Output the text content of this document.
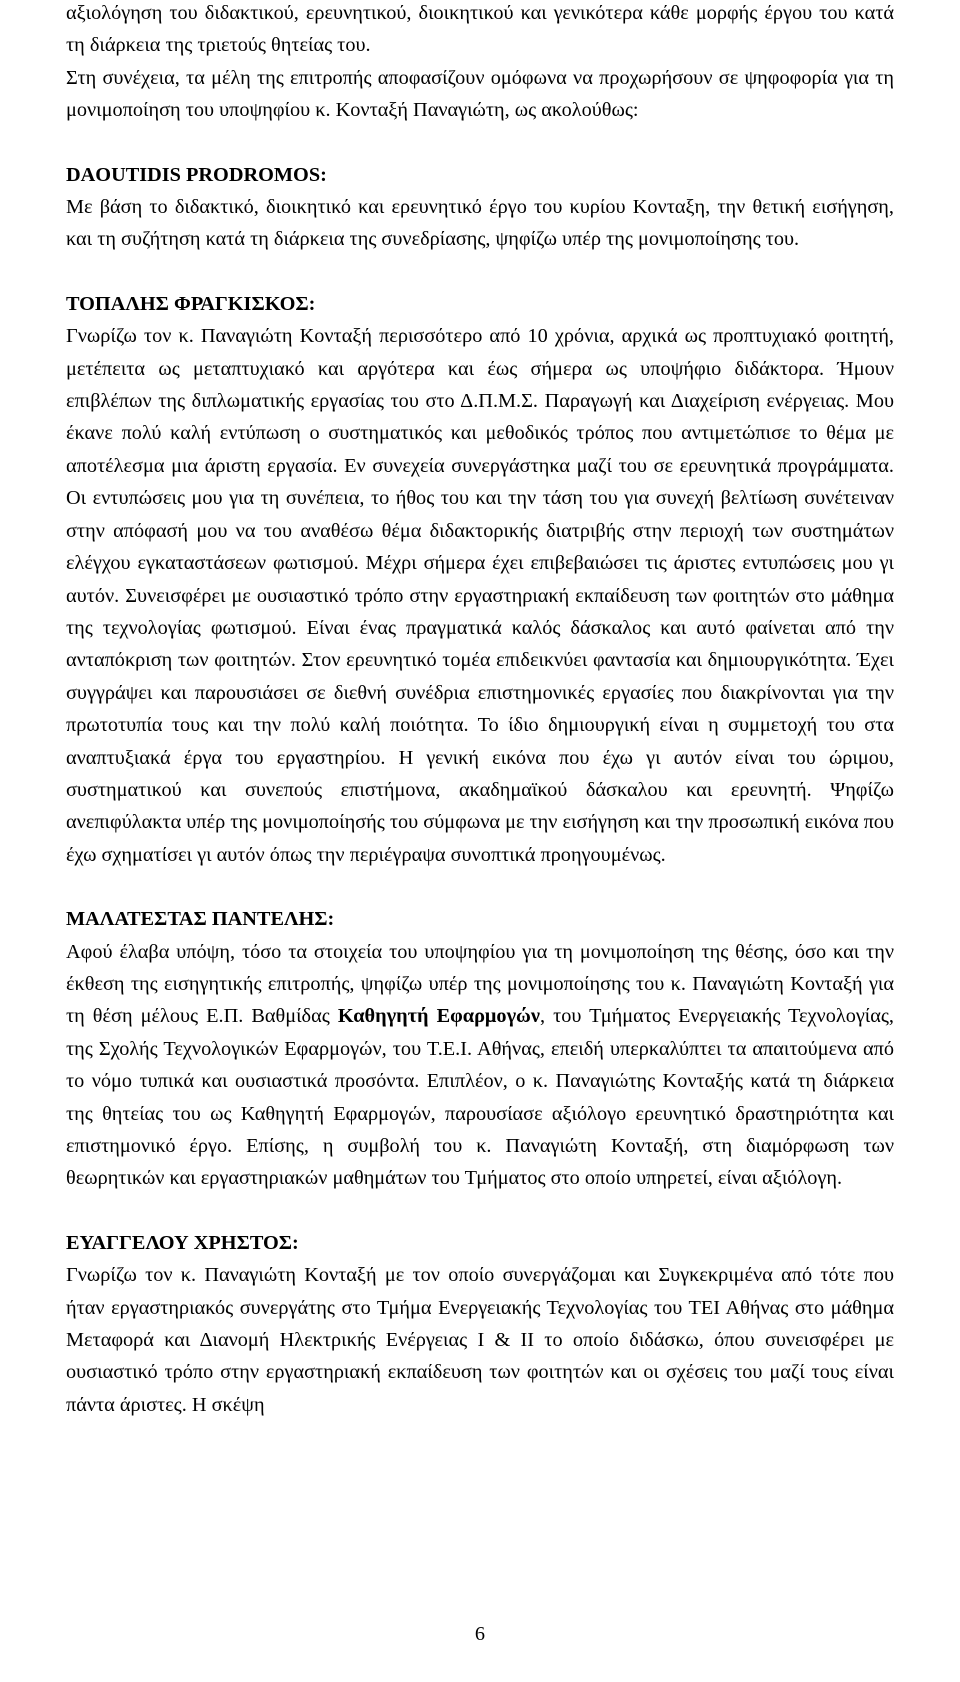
αξιολόγηση του διδακτικού, ερευνητικού, διοικητικού και γενικότερα κάθε μορφής έργου του κατά τη διάρκεια της τριετούς θητείας του.

Στη συνέχεια, τα μέλη της επιτροπής αποφασίζουν ομόφωνα να προχωρήσουν σε ψηφοφορία για τη μονιμοποίηση του υποψηφίου κ. Κονταξή Παναγιώτη, ως ακολούθως:

DAOUTIDIS PRODROMOS:

Με βάση το διδακτικό, διοικητικό και ερευνητικό έργο του κυρίου Κονταξη, την θετική εισήγηση, και τη συζήτηση κατά τη διάρκεια της συνεδρίασης, ψηφίζω υπέρ της μονιμοποίησης του.

ΤΟΠΑΛΗΣ ΦΡΑΓΚΙΣΚΟΣ:

Γνωρίζω τον κ. Παναγιώτη Κονταξή περισσότερο από 10 χρόνια, αρχικά ως προπτυχιακό φοιτητή, μετέπειτα ως μεταπτυχιακό και αργότερα και έως σήμερα ως υποψήφιο διδάκτορα. Ήμουν επιβλέπων της διπλωματικής εργασίας του στο Δ.Π.Μ.Σ. Παραγωγή και Διαχείριση ενέργειας. Μου έκανε πολύ καλή εντύπωση ο συστηματικός και μεθοδικός τρόπος που αντιμετώπισε το θέμα με αποτέλεσμα μια άριστη εργασία. Εν συνεχεία συνεργάστηκα μαζί του σε ερευνητικά προγράμματα. Οι εντυπώσεις μου για τη συνέπεια, το ήθος του και την τάση του για συνεχή βελτίωση συνέτειναν στην απόφασή μου να του αναθέσω θέμα διδακτορικής διατριβής στην περιοχή των συστημάτων ελέγχου εγκαταστάσεων φωτισμού. Μέχρι σήμερα έχει επιβεβαιώσει τις άριστες εντυπώσεις μου γι αυτόν. Συνεισφέρει με ουσιαστικό τρόπο στην εργαστηριακή εκπαίδευση των φοιτητών στο μάθημα της τεχνολογίας φωτισμού. Είναι ένας πραγματικά καλός δάσκαλος και αυτό φαίνεται από την ανταπόκριση των φοιτητών. Στον ερευνητικό τομέα επιδεικνύει φαντασία και δημιουργικότητα. Έχει συγγράψει και παρουσιάσει σε διεθνή συνέδρια επιστημονικές εργασίες που διακρίνονται για την πρωτοτυπία τους και την πολύ καλή ποιότητα. Το ίδιο δημιουργική είναι η συμμετοχή του στα αναπτυξιακά έργα του εργαστηρίου. Η γενική εικόνα που έχω γι αυτόν είναι του ώριμου, συστηματικού και συνεπούς επιστήμονα, ακαδημαϊκού δάσκαλου και ερευνητή. Ψηφίζω ανεπιφύλακτα υπέρ της μονιμοποίησής του σύμφωνα με την εισήγηση και την προσωπική εικόνα που έχω σχηματίσει γι αυτόν όπως την περιέγραψα συνοπτικά προηγουμένως.

ΜΑΛΑΤΕΣΤΑΣ ΠΑΝΤΕΛΗΣ:

Αφού έλαβα υπόψη, τόσο τα στοιχεία του υποψηφίου για τη μονιμοποίηση της θέσης, όσο και την έκθεση της εισηγητικής επιτροπής, ψηφίζω υπέρ της μονιμοποίησης του κ. Παναγιώτη Κονταξή για τη θέση μέλους Ε.Π. Βαθμίδας Καθηγητή Εφαρμογών, του Τμήματος Ενεργειακής Τεχνολογίας, της Σχολής Τεχνολογικών Εφαρμογών, του Τ.Ε.Ι. Αθήνας, επειδή υπερκαλύπτει τα απαιτούμενα από το νόμο τυπικά και ουσιαστικά προσόντα. Επιπλέον, ο κ. Παναγιώτης Κονταξής κατά τη διάρκεια της θητείας του ως Καθηγητή Εφαρμογών, παρουσίασε αξιόλογο ερευνητικό δραστηριότητα και επιστημονικό έργο. Επίσης, η συμβολή του κ. Παναγιώτη Κονταξή, στη διαμόρφωση των θεωρητικών και εργαστηριακών μαθημάτων του Τμήματος στο οποίο υπηρετεί, είναι αξιόλογη.

ΕΥΑΓΓΕΛΟΥ ΧΡΗΣΤΟΣ:

Γνωρίζω τον κ. Παναγιώτη Κονταξή με τον οποίο συνεργάζομαι και Συγκεκριμένα από τότε που ήταν εργαστηριακός συνεργάτης στο Τμήμα Ενεργειακής Τεχνολογίας του ΤΕΙ Αθήνας στο μάθημα Μεταφορά και Διανομή Ηλεκτρικής Ενέργειας Ι & ΙΙ το οποίο διδάσκω, όπου συνεισφέρει με ουσιαστικό τρόπο στην εργαστηριακή εκπαίδευση των φοιτητών και οι σχέσεις του μαζί τους είναι πάντα άριστες. Η σκέψη

6
